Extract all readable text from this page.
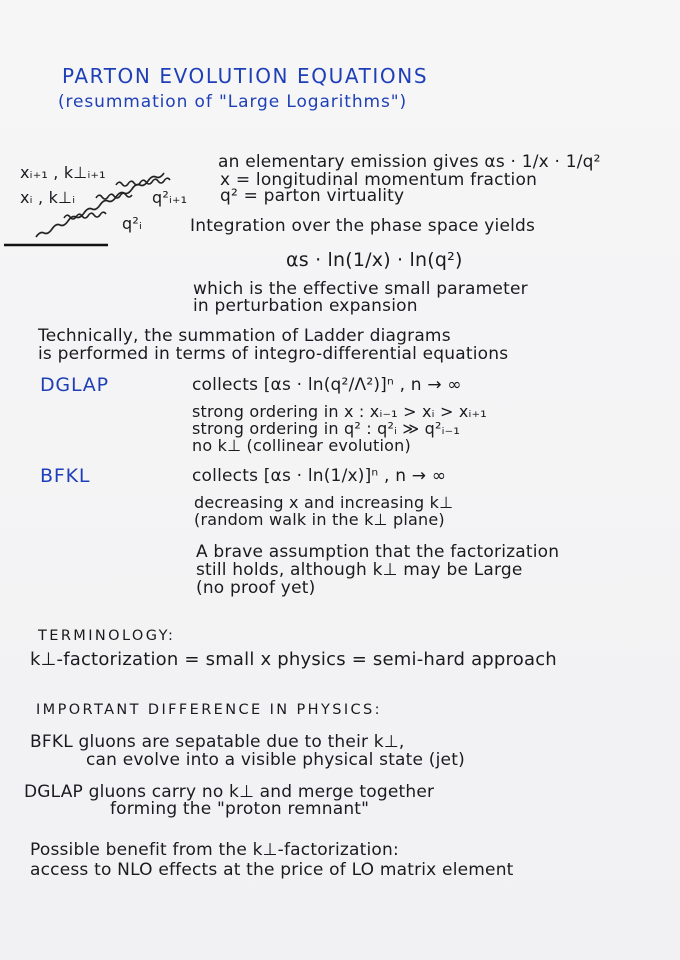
PARTON EVOLUTION EQUATIONS
(resummation of "Large Logarithms")
xᵢ₊₁ , k⊥ᵢ₊₁
xᵢ , k⊥ᵢ	q²ᵢ₊₁
q²ᵢ
an elementary emission gives αs · 1/x · 1/q²
x = longitudinal momentum fraction
q² = parton virtuality
Integration over the phase space yields
αs · ln(1/x) · ln(q²)
which is the effective small parameter
in perturbation expansion
Technically, the summation of Ladder diagrams
is performed in terms of integro-differential equations
DGLAP	collects [αs · ln(q²/Λ²)]ⁿ , n → ∞
strong ordering in x : xᵢ₋₁ > xᵢ > xᵢ₊₁
strong ordering in q² : q²ᵢ ≫ q²ᵢ₋₁
no k⊥ (collinear evolution)
BFKL	collects [αs · ln(1/x)]ⁿ , n → ∞
decreasing x and increasing k⊥
(random walk in the k⊥ plane)
A brave assumption that the factorization
still holds, although k⊥ may be Large
(no proof yet)
TERMINOLOGY:
k⊥-factorization = small x physics = semi-hard approach
IMPORTANT DIFFERENCE IN PHYSICS:
BFKL gluons are sepatable due to their k⊥,
can evolve into a visible physical state (jet)
DGLAP gluons carry no k⊥ and merge together
forming the "proton remnant"
Possible benefit from the k⊥-factorization:
access to NLO effects at the price of LO matrix element
